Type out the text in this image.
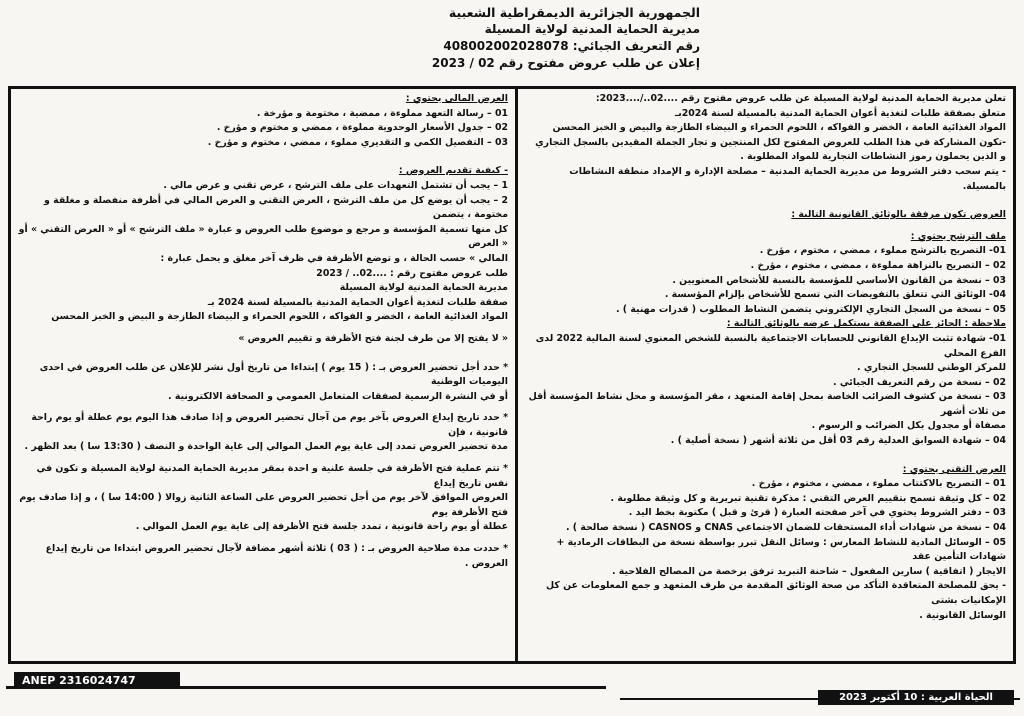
الجمهورية الجزائرية الديمقراطية الشعبية
مديرية الحماية المدنية لولاية المسيلة
رقم التعريف الجبائي: 408002002028078
إعلان عن طلب عروض مفتوح رقم 02 / 2023

تعلن مديرية الحماية المدنية لولاية المسيلة عن طلب عروض مفتوح رقم ....02../....2023:

متعلق بصفقة طلبات لتغذية أعوان الحماية المدنية بالمسيلة لسنة 2024بـ

المواد الغذائية العامة ، الخضر و الفواكه ، اللحوم الحمراء و البيضاء الطازجة والبيض و الخبز المحسن

-تكون المشاركة في هذا الطلب للعروض المفتوح لكل المنتجين و تجار الجملة المقيدين بالسجل التجاري

و الذين يحملون رموز النشاطات التجارية للمواد المطلوبة .

- يتم سحب دفتر الشروط من مديرية الحماية المدنية – مصلحة الإدارة و الإمداد منطقة النشاطات بالمسيلة.

العروض تكون مرفقة بالوثائق القانونية التالية :

ملف الترشح يحتوي :

01- التصريح بالترشح مملوء ، ممضي ، مختوم ، مؤرخ .

02 – التصريح بالنزاهة مملوءة ، ممضي ، مختوم ، مؤرخ .

03 – نسخة من القانون الأساسي للمؤسسة بالنسبة للأشخاص المعنويين .

04- الوثائق التي تتعلق بالتفويضات التي تسمح للأشخاص بإلزام المؤسسة .

05 – نسخة من السجل التجاري الإلكتروني يتضمن النشاط المطلوب ( قدرات مهنية ) .

ملاحظة : الحائز على الصفقة يستكمل عرضه بالوثائق التالية :

01- شهادة تثبت الإيداع القانوني للحسابات الاجتماعية بالنسبة للشخص المعنوي لسنة المالية 2022 لدى الفرع المحلي

للمركز الوطني للسجل التجاري .

02 – نسخة من رقم التعريف الجبائي .

03 – نسخة من كشوف الضرائب الخاصة بمحل إقامة المتعهد ، مقر المؤسسة و محل نشاط المؤسسة أقل من ثلاث أشهر

مصفاة أو مجدول بكل الضرائب و الرسوم .

04 – شهادة السوابق العدلية رقم 03 أقل من ثلاثة أشهر ( نسخة أصلية ) .

العرض التقني يحتوي :

01 – التصريح بالاكتتاب مملوء ، ممضي ، مختوم ، مؤرخ .

02 – كل وثيقة تسمح بتقييم العرض التقني : مذكرة تقنية تبريرية و كل وثيقة مطلوبة .

03 – دفتر الشروط يحتوي في آخر صفحته العبارة ( قرئ و قبل ) مكتوبة بخط اليد .

04 – نسخة من شهادات أداء المستحقات للضمان الاجتماعي CNAS و CASNOS ( نسخة صالحة ) .

05 – الوسائل المادية للنشاط المعارس : وسائل النقل تبرر بواسطة نسخة من البطاقات الرمادية + شهادات التأمين عقد

الايجار ( اتفاقية ) سارين المفعول – شاحنة التبريد ترفق برخصة من المصالح الفلاحية .

- يحق للمصلحة المتعاقدة التأكد من صحة الوثائق المقدمة من طرف المتعهد و جمع المعلومات عن كل الإمكانيات بشتى

الوسائل القانونية .

العرض المالي يحتوي :

01 – رسالة التعهد مملوءة ، ممضية ، مختومة و مؤرخة .

02 – جدول الأسعار الوحدوية مملوءة ، ممضي و مختوم و مؤرخ .

03 – التفصيل الكمي و التقديري مملوء ، ممضي ، مختوم و مؤرخ .

- كيفية تقديم العروض :

1 – يجب أن تشتمل التعهدات على ملف الترشح ، عرض تقني و عرض مالي .

2 – يجب أن يوضع كل من ملف الترشح ، العرض التقني و العرض المالي في أظرفة منفصلة و مغلقة و مختومة ، يتضمن

كل منها تسمية المؤسسة و مرجع و موضوع طلب العروض و عبارة « ملف الترشح » أو « العرض التقني » أو « العرض

المالي » حسب الحالة ، و توضع الأظرفة في ظرف آخر مغلق و يحمل عبارة :

طلب عروض مفتوح رقم : ....02.. / 2023

مديرية الحماية المدنية لولاية المسيلة

صفقة طلبات لتغذية أعوان الحماية المدنية بالمسيلة لسنة 2024 بـ

المواد الغذائية العامة ، الخضر و الفواكه ، اللحوم الحمراء و البيضاء الطازجة و البيض و الخبز المحسن

« لا يفتح إلا من طرف لجنة فتح الأظرفة و تقييم العروض »

* حدد أجل تحضير العروض بـ : ( 15 يوم ) إبتداءا من تاريخ أول نشر للإعلان عن طلب العروض في احدى اليوميات الوطنية

أو في النشرة الرسمية لصفقات المتعامل العمومي و الصحافة الالكترونية .

* حدد تاريخ إيداع العروض بآخر يوم من آجال تحضير العروض و إذا صادف هذا اليوم يوم عطلة أو يوم راحة قانونية ، فإن

مدة تحضير العروض تمدد إلى غاية يوم العمل الموالي إلى غاية الواحدة و النصف ( 13:30 سا ) بعد الظهر .

* تتم عملية فتح الأظرفة في جلسة علنية و احدة بمقر مديرية الحماية المدنية لولاية المسيلة و تكون في نفس تاريخ إيداع

العروض الموافق لآخر يوم من أجل تحضير العروض على الساعة الثانية زوالا ( 14:00 سا ) ، و إذا صادف يوم فتح الأظرفة يوم

عطلة أو يوم راحة قانونية ، تمدد جلسة فتح الأظرفة إلى غاية يوم العمل الموالي .

* حددت مدة صلاحية العروض بـ : ( 03 ) ثلاثة أشهر مضافة لآجال تحضير العروض ابتداءا من تاريخ إيداع العروض .

ANEP 2316024747
الحياة العربية : 10 أكتوبر 2023
